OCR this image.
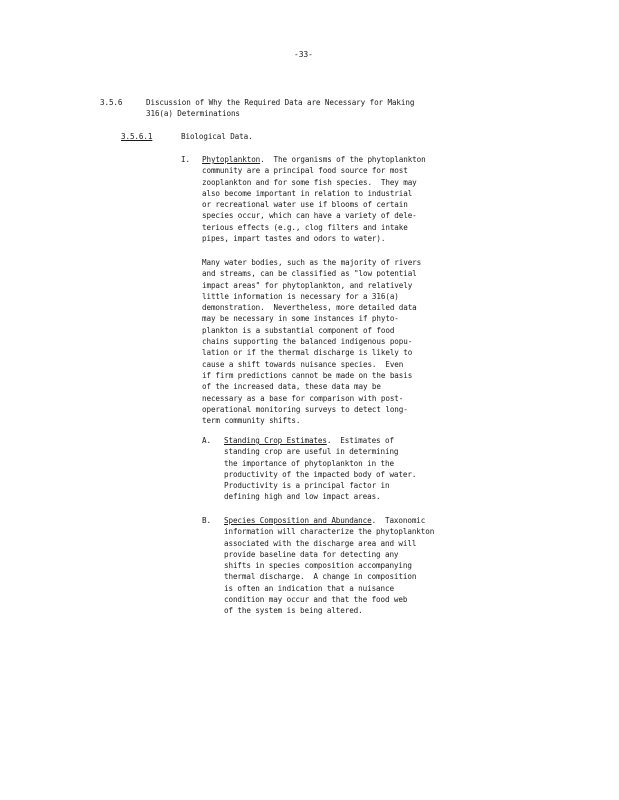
-33-
3.5.6	Discussion of Why the Required Data are Necessary for Making
316(a) Determinations
3.5.6.1	Biological Data.
I. Phytoplankton.  The organisms of the phytoplankton
community are a principal food source for most
zooplankton and for some fish species.  They may
also become important in relation to industrial
or recreational water use if blooms of certain
species occur, which can have a variety of dele-
terious effects (e.g., clog filters and intake
pipes, impart tastes and odors to water).
Many water bodies, such as the majority of rivers
and streams, can be classified as "low potential
impact areas" for phytoplankton, and relatively
little information is necessary for a 316(a)
demonstration.  Nevertheless, more detailed data
may be necessary in some instances if phyto-
plankton is a substantial component of food
chains supporting the balanced indigenous popu-
lation or if the thermal discharge is likely to
cause a shift towards nuisance species.  Even
if firm predictions cannot be made on the basis
of the increased data, these data may be
necessary as a base for comparison with post-
operational monitoring surveys to detect long-
term community shifts.
A. Standing Crop Estimates.  Estimates of
standing crop are useful in determining
the importance of phytoplankton in the
productivity of the impacted body of water.
Productivity is a principal factor in
defining high and low impact areas.
B. Species Composition and Abundance.  Taxonomic
information will characterize the phytoplankton
associated with the discharge area and will
provide baseline data for detecting any
shifts in species composition accompanying
thermal discharge.  A change in composition
is often an indication that a nuisance
condition may occur and that the food web
of the system is being altered.
